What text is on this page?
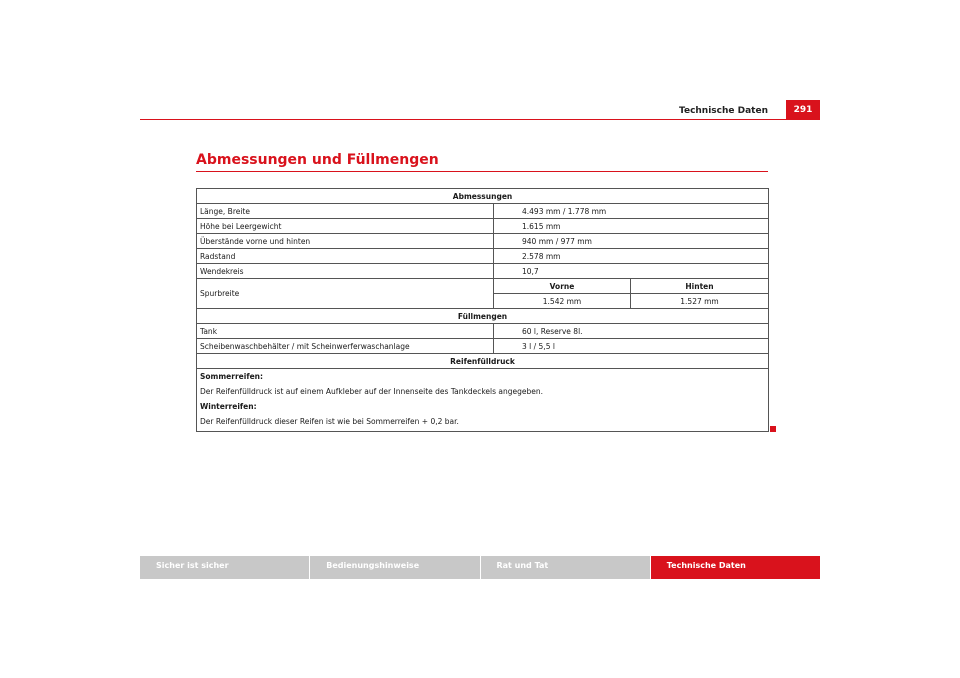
Technische Daten	291
Abmessungen und Füllmengen
Abmessungen		
Länge, Breite	4.493 mm / 1.778 mm	
Höhe bei Leergewicht	1.615 mm	
Überstände vorne und hinten	940 mm / 977 mm	
Radstand	2.578 mm	
Wendekreis	10,7	
Spurbreite	Vorne	Hinten
	1.542 mm	1.527 mm
Füllmengen		
Tank	60 l, Reserve 8l.	
Scheibenwaschbehälter / mit Scheinwerferwaschanlage	3 l / 5,5 l	
Reifenfülldruck		

Sommerreifen:

Der Reifenfülldruck ist auf einem Aufkleber auf der Innenseite des Tankdeckels angegeben.

Winterreifen:

Der Reifenfülldruck dieser Reifen ist wie bei Sommerreifen + 0,2 bar.		

Sicher ist sicher	Bedienungshinweise	Rat und Tat	Technische Daten
